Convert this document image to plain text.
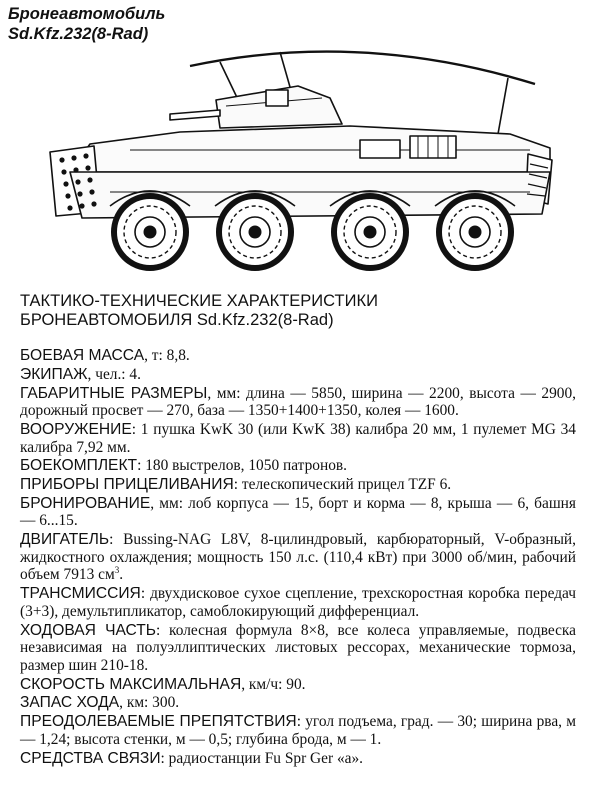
Бронеавтомобиль
Sd.Kfz.232(8-Rad)
ТАКТИКО-ТЕХНИЧЕСКИЕ ХАРАКТЕРИСТИКИ
БРОНЕАВТОМОБИЛЯ Sd.Kfz.232(8-Rad)

БОЕВАЯ МАССА, т: 8,8.

ЭКИПАЖ, чел.: 4.

ГАБАРИТНЫЕ РАЗМЕРЫ, мм: длина — 5850, ширина — 2200, высота — 2900, дорожный просвет — 270, база — 1350+1400+1350, колея — 1600.

ВООРУЖЕНИЕ: 1 пушка KwK 30 (или KwK 38) калибра 20 мм, 1 пулемет MG 34 калибра 7,92 мм.

БОЕКОМПЛЕКТ: 180 выстрелов, 1050 патронов.

ПРИБОРЫ ПРИЦЕЛИВАНИЯ: телескопический прицел TZF 6.

БРОНИРОВАНИЕ, мм: лоб корпуса — 15, борт и корма — 8, крыша — 6, башня — 6...15.

ДВИГАТЕЛЬ: Bussing-NAG L8V, 8-цилиндровый, карбюраторный, V-образный, жидкостного охлаждения; мощность 150 л.с. (110,4 кВт) при 3000 об/мин, рабочий объем 7913 $см^3$.

ТРАНСМИССИЯ: двухдисковое сухое сцепление, трехскоростная коробка передач (3+3), демультипликатор, самоблокирующий дифференциал.

ХОДОВАЯ ЧАСТЬ: колесная формула 8×8, все колеса управляемые, подвеска независимая на полуэллиптических листовых рессорах, механические тормоза, размер шин 210-18.

СКОРОСТЬ МАКСИМАЛЬНАЯ, км/ч: 90.

ЗАПАС ХОДА, км: 300.

ПРЕОДОЛЕВАЕМЫЕ ПРЕПЯТСТВИЯ: угол подъема, град. — 30; ширина рва, м — 1,24; высота стенки, м — 0,5; глубина брода, м — 1.

СРЕДСТВА СВЯЗИ: радиостанции Fu Spr Ger «а».
